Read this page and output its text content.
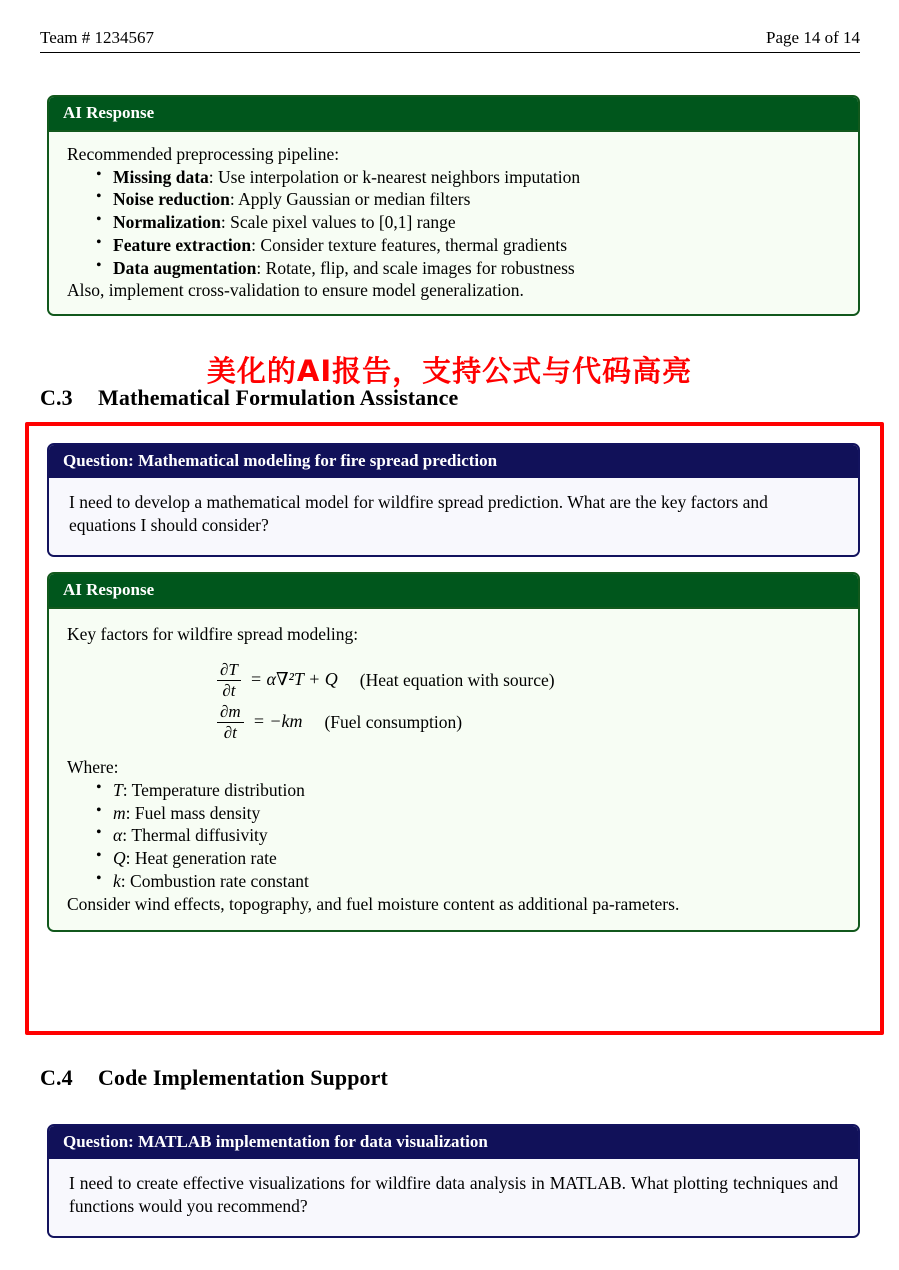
Team # 1234567	Page 14 of 14
AI Response
Recommended preprocessing pipeline:
• Missing data: Use interpolation or k-nearest neighbors imputation
• Noise reduction: Apply Gaussian or median filters
• Normalization: Scale pixel values to [0,1] range
• Feature extraction: Consider texture features, thermal gradients
• Data augmentation: Rotate, flip, and scale images for robustness
Also, implement cross-validation to ensure model generalization.
美化的AI报告，支持公式与代码高亮
C.3 Mathematical Formulation Assistance
Question: Mathematical modeling for fire spread prediction
I need to develop a mathematical model for wildfire spread prediction. What are the key factors and equations I should consider?
AI Response
Key factors for wildfire spread modeling:
$\frac{\partial T}{\partial t} = \alpha\nabla^2T + Q$ (Heat equation with source)
$\frac{\partial m}{\partial t} = -km$ (Fuel consumption)
Where:
• T: Temperature distribution
• m: Fuel mass density
• α: Thermal diffusivity
• Q: Heat generation rate
• k: Combustion rate constant
Consider wind effects, topography, and fuel moisture content as additional pa-rameters.
C.4 Code Implementation Support
Question: MATLAB implementation for data visualization
I need to create effective visualizations for wildfire data analysis in MATLAB. What plotting techniques and functions would you recommend?
